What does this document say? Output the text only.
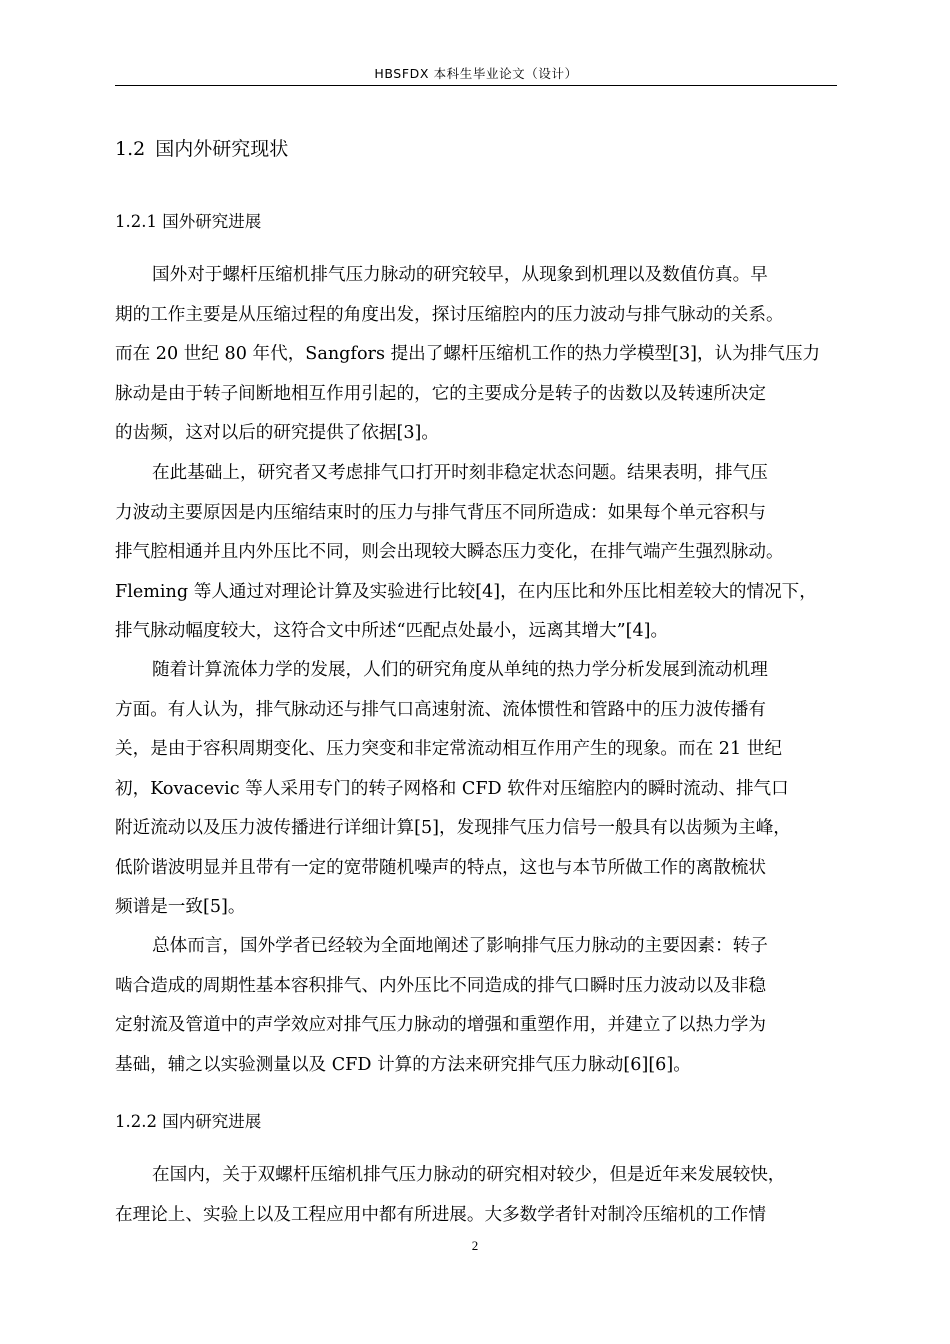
HBSFDX 本科生毕业论文（设计）
1.2 国内外研究现状
1.2.1 国外研究进展
国外对于螺杆压缩机排气压力脉动的研究较早，从现象到机理以及数值仿真。早
期的工作主要是从压缩过程的角度出发，探讨压缩腔内的压力波动与排气脉动的关系。
而在 20 世纪 80 年代，Sangfors 提出了螺杆压缩机工作的热力学模型[3]，认为排气压力
脉动是由于转子间断地相互作用引起的，它的主要成分是转子的齿数以及转速所决定
的齿频，这对以后的研究提供了依据[3]。
在此基础上，研究者又考虑排气口打开时刻非稳定状态问题。结果表明，排气压
力波动主要原因是内压缩结束时的压力与排气背压不同所造成：如果每个单元容积与
排气腔相通并且内外压比不同，则会出现较大瞬态压力变化，在排气端产生强烈脉动。
Fleming 等人通过对理论计算及实验进行比较[4]，在内压比和外压比相差较大的情况下，
排气脉动幅度较大，这符合文中所述“匹配点处最小，远离其增大”[4]。
随着计算流体力学的发展，人们的研究角度从单纯的热力学分析发展到流动机理
方面。有人认为，排气脉动还与排气口高速射流、流体惯性和管路中的压力波传播有
关，是由于容积周期变化、压力突变和非定常流动相互作用产生的现象。而在 21 世纪
初，Kovacevic 等人采用专门的转子网格和 CFD 软件对压缩腔内的瞬时流动、排气口
附近流动以及压力波传播进行详细计算[5]，发现排气压力信号一般具有以齿频为主峰，
低阶谐波明显并且带有一定的宽带随机噪声的特点，这也与本节所做工作的离散梳状
频谱是一致[5]。
总体而言，国外学者已经较为全面地阐述了影响排气压力脉动的主要因素：转子
啮合造成的周期性基本容积排气、内外压比不同造成的排气口瞬时压力波动以及非稳
定射流及管道中的声学效应对排气压力脉动的增强和重塑作用，并建立了以热力学为
基础，辅之以实验测量以及 CFD 计算的方法来研究排气压力脉动[6][6]。
1.2.2 国内研究进展
在国内，关于双螺杆压缩机排气压力脉动的研究相对较少，但是近年来发展较快，
在理论上、实验上以及工程应用中都有所进展。大多数学者针对制冷压缩机的工作情
2
